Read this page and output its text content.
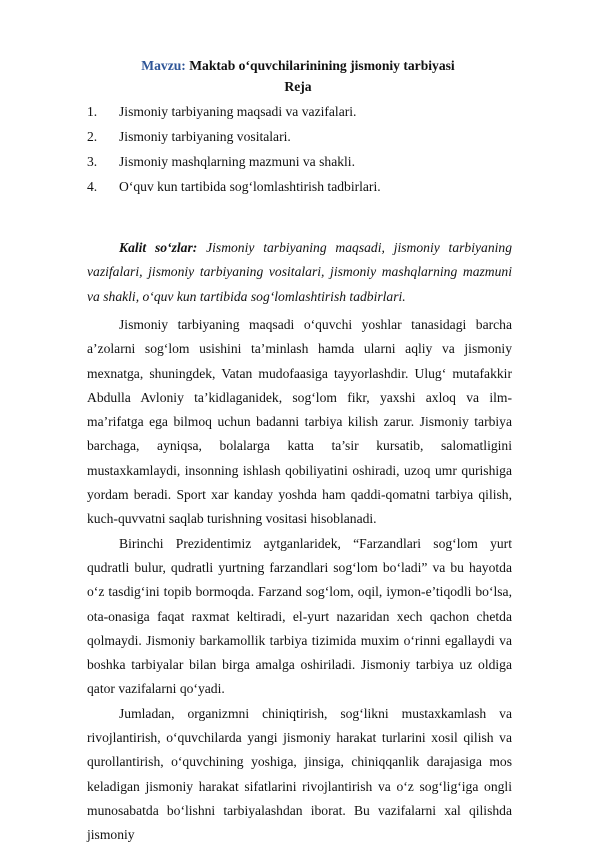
Mavzu: Maktab o‘quvchilarinining jismoniy tarbiyasi
Reja
1.	Jismoniy tarbiyaning maqsadi va vazifalari.
2.	Jismoniy tarbiyaning vositalari.
3.	Jismoniy mashqlarning mazmuni va shakli.
4.	O‘quv kun tartibida sog‘lomlashtirish tadbirlari.

Kalit so‘zlar: Jismoniy tarbiyaning maqsadi, jismoniy tarbiyaning vazifalari, jismoniy tarbiyaning vositalari, jismoniy mashqlarning mazmuni va shakli, o‘quv kun tartibida sog‘lomlashtirish tadbirlari.

Jismoniy tarbiyaning maqsadi o‘quvchi yoshlar tanasidagi barcha a’zolarni sog‘lom usishini ta’minlash hamda ularni aqliy va jismoniy mexnatga, shuningdek, Vatan mudofaasiga tayyorlashdir. Ulug‘ mutafakkir Abdulla Avloniy ta’kidlaganidek, sog‘lom fikr, yaxshi axloq va ilm-ma’rifatga ega bilmoq uchun badanni tarbiya kilish zarur. Jismoniy tarbiya barchaga, ayniqsa, bolalarga katta ta’sir kursatib, salomatligini mustaxkamlaydi, insonning ishlash qobiliyatini oshiradi, uzoq umr qurishiga yordam beradi. Sport xar kanday yoshda ham qaddi-qomatni tarbiya qilish, kuch-quvvatni saqlab turishning vositasi hisoblanadi.

Birinchi Prezidentimiz aytganlaridek, “Farzandlari sog‘lom yurt qudratli bulur, qudratli yurtning farzandlari sog‘lom bo‘ladi” va bu hayotda o‘z tasdig‘ini topib bormoqda. Farzand sog‘lom, oqil, iymon-e’tiqodli bo‘lsa, ota-onasiga faqat raxmat keltiradi, el-yurt nazaridan xech qachon chetda qolmaydi. Jismoniy barkamollik tarbiya tizimida muxim o‘rinni egallaydi va boshka tarbiyalar bilan birga amalga oshiriladi. Jismoniy tarbiya uz oldiga qator vazifalarni qo‘yadi.

Jumladan, organizmni chiniqtirish, sog‘likni mustaxkamlash va rivojlantirish, o‘quvchilarda yangi jismoniy harakat turlarini xosil qilish va qurollantirish, o‘quvchining yoshiga, jinsiga, chiniqqanlik darajasiga mos keladigan jismoniy harakat sifatlarini rivojlantirish va o‘z sog‘lig‘iga ongli munosabatda bo‘lishni tarbiyalashdan iborat. Bu vazifalarni xal qilishda jismoniy
